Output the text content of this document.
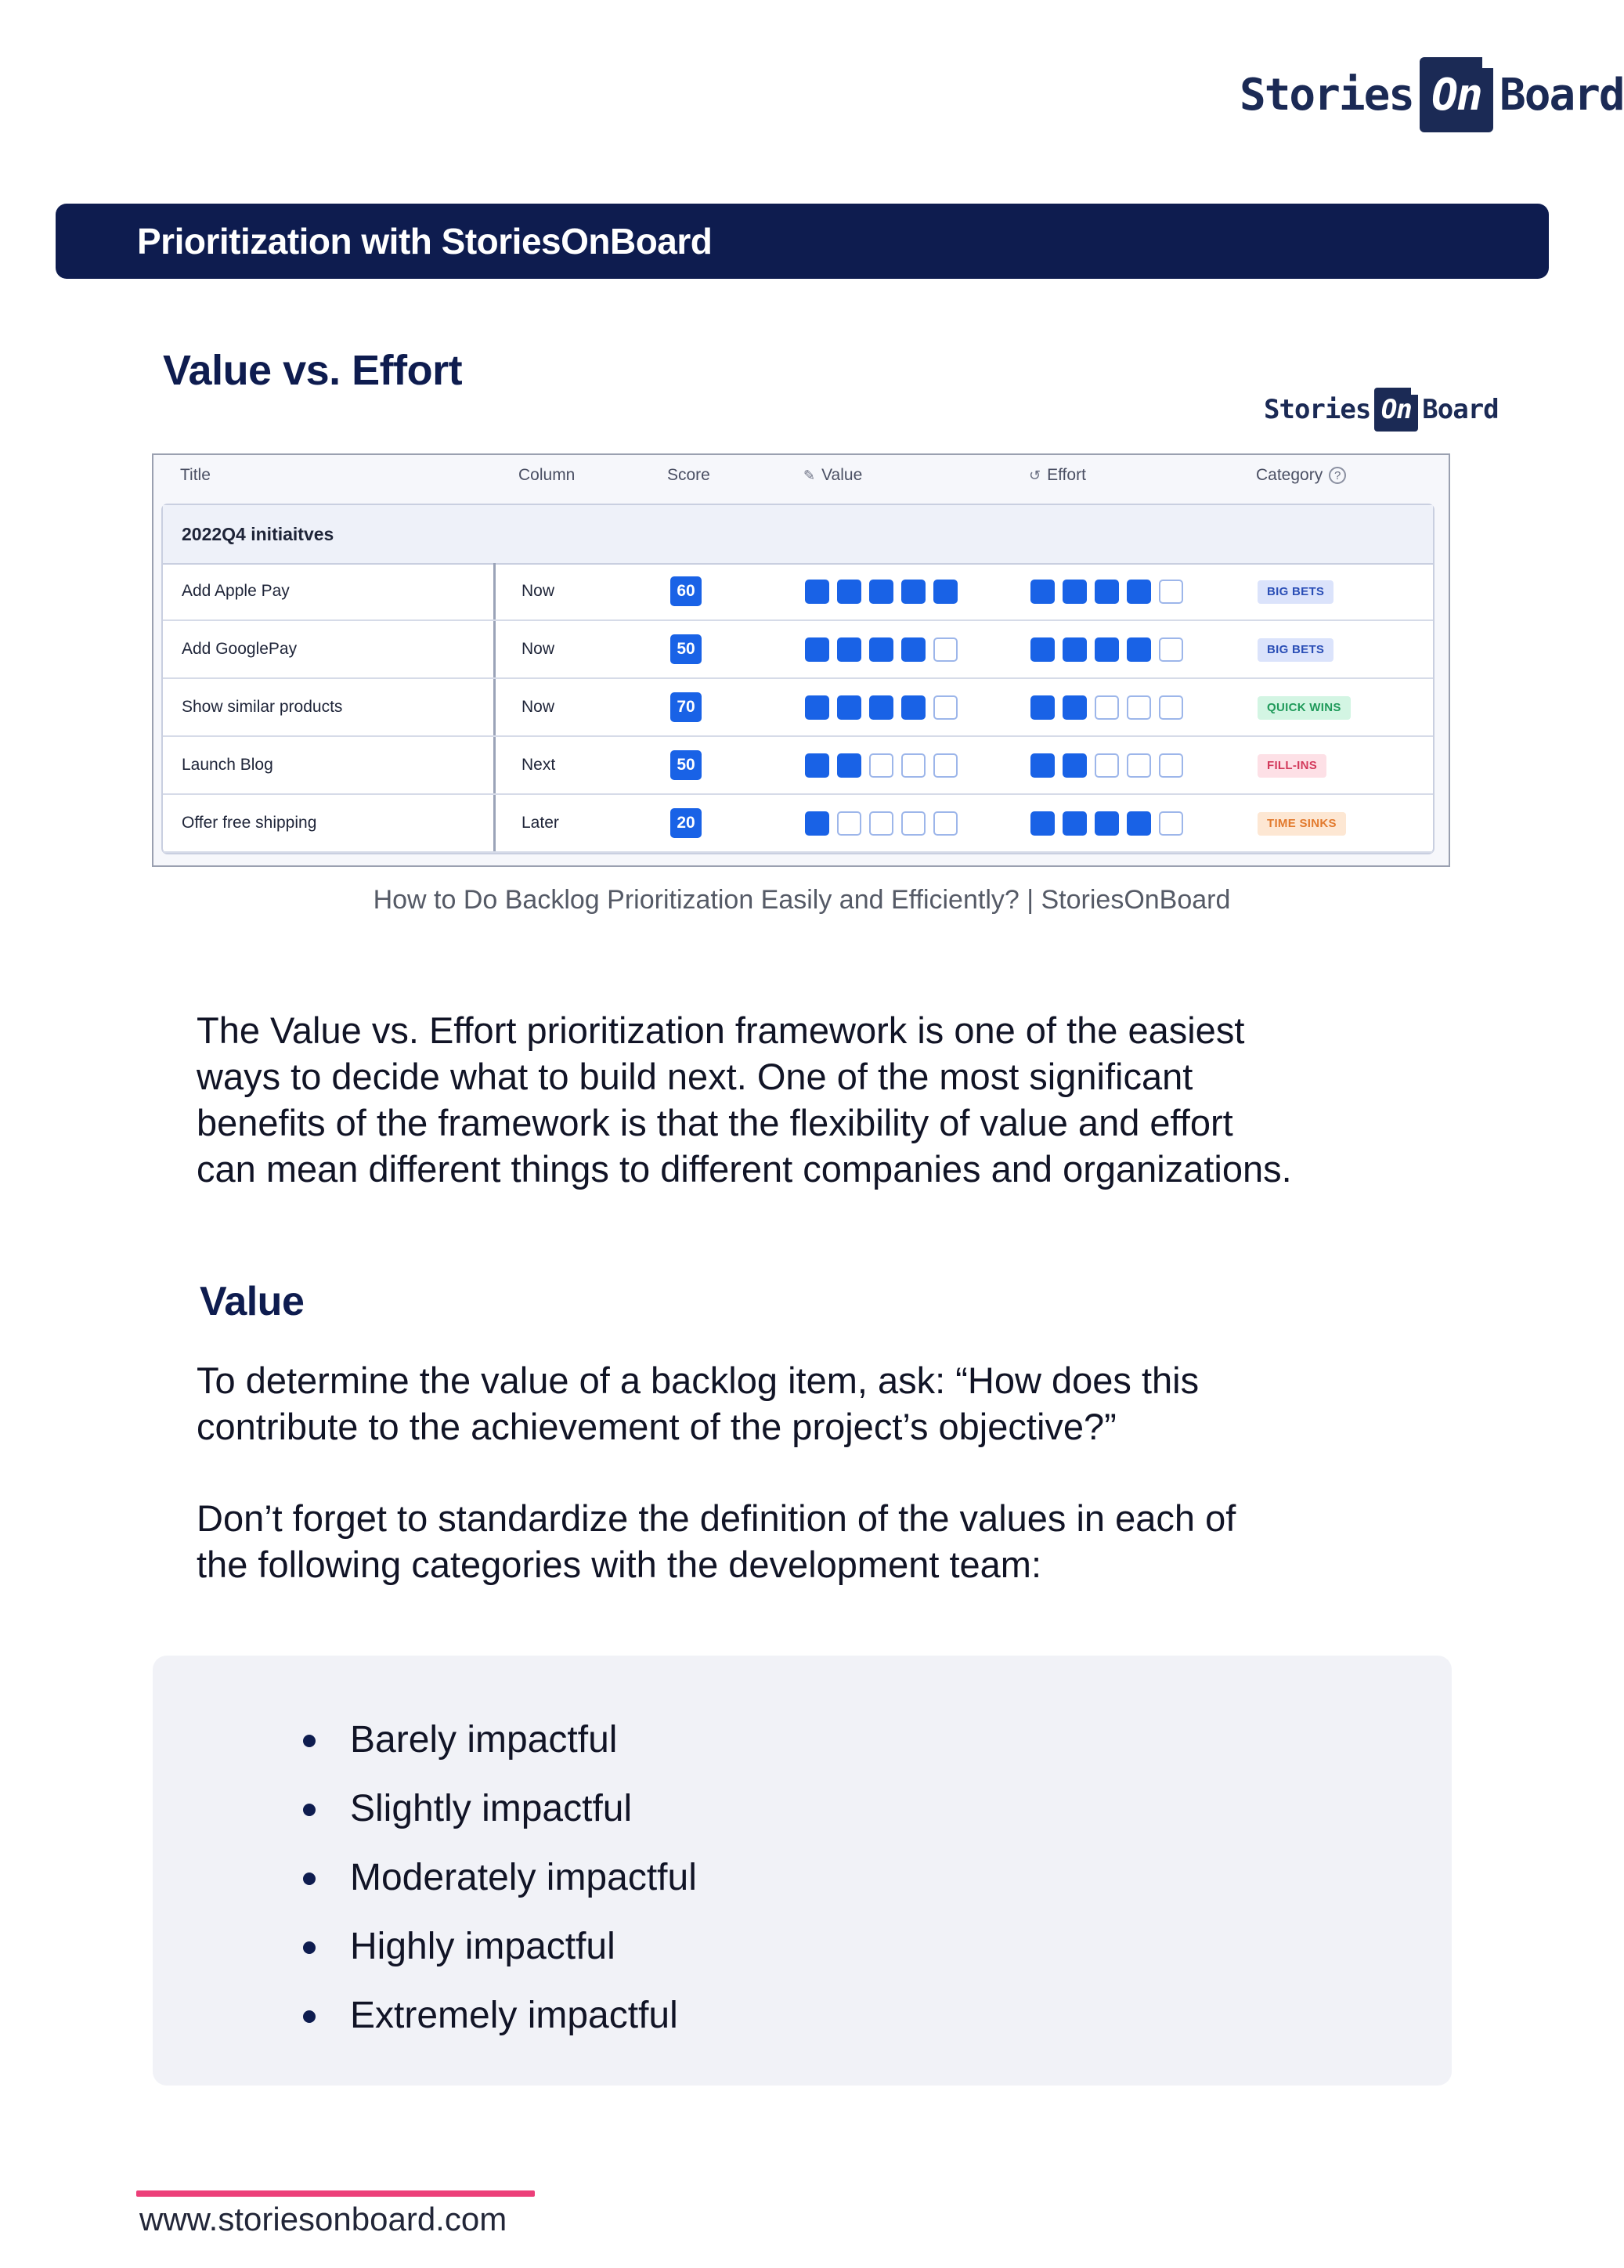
Stories On Board
Prioritization with StoriesOnBoard
Value vs. Effort
Stories On Board
Title	Column	Score	✎ Value	↺ Effort	Category ?
2022Q4 initiaitves
Add Apple Pay	Now	60	BIG BETS
Add GooglePay	Now	50	BIG BETS
Show similar products	Now	70	QUICK WINS
Launch Blog	Next	50	FILL-INS
Offer free shipping	Later	20	TIME SINKS
How to Do Backlog Prioritization Easily and Efficiently? | StoriesOnBoard
The Value vs. Effort prioritization framework is one of the easiest
ways to decide what to build next. One of the most significant
benefits of the framework is that the flexibility of value and effort
can mean different things to different companies and organizations.
Value
To determine the value of a backlog item, ask: “How does this
contribute to the achievement of the project’s objective?”
Don’t forget to standardize the definition of the values in each of
the following categories with the development team:
Barely impactful
Slightly impactful
Moderately impactful
Highly impactful
Extremely impactful
www.storiesonboard.com
